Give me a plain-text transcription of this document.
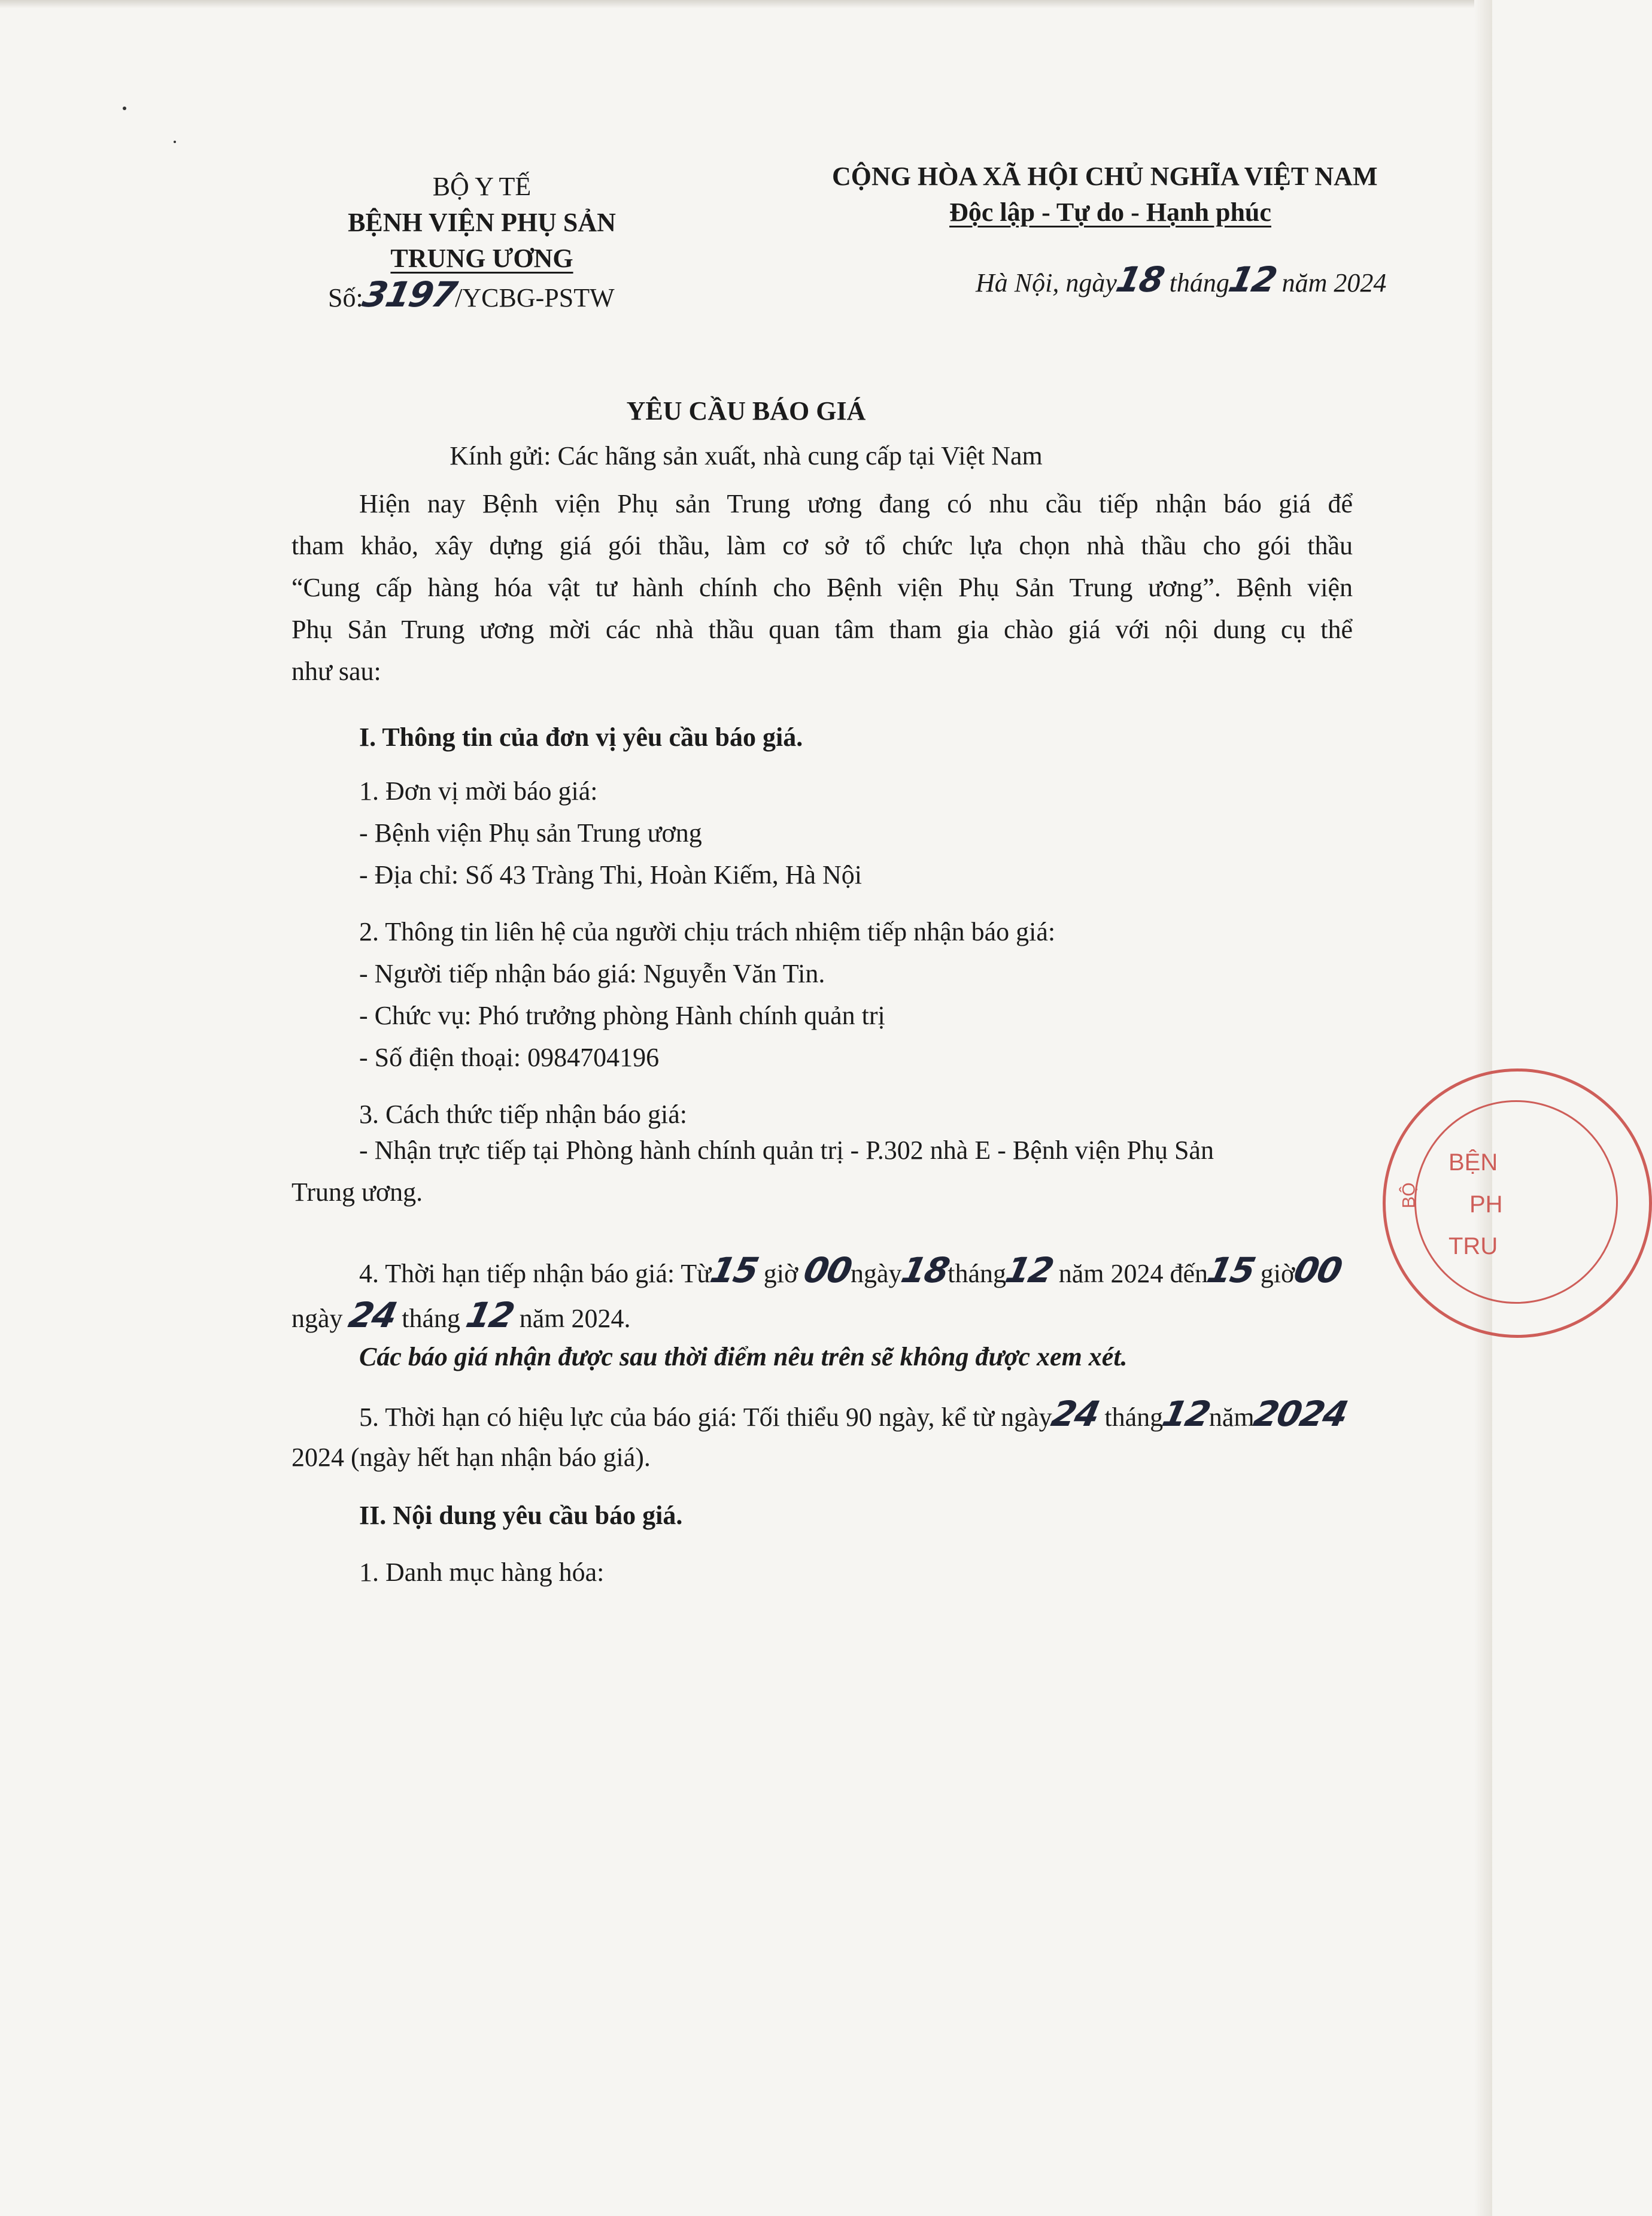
BỘ Y TẾ
BỆNH VIỆN PHỤ SẢN
TRUNG ƯƠNG
Số:3197/YCBG-PSTW
CỘNG HÒA XÃ HỘI CHỦ NGHĨA VIỆT NAM
Độc lập - Tự do - Hạnh phúc
Hà Nội, ngày18 tháng12 năm 2024
YÊU CẦU BÁO GIÁ
Kính gửi: Các hãng sản xuất, nhà cung cấp tại Việt Nam
Hiện nay Bệnh viện Phụ sản Trung ương đang có nhu cầu tiếp nhận báo giá để
tham khảo, xây dựng giá gói thầu, làm cơ sở tổ chức lựa chọn nhà thầu cho gói thầu
“Cung cấp hàng hóa vật tư hành chính cho Bệnh viện Phụ Sản Trung ương”. Bệnh viện
Phụ Sản Trung ương mời các nhà thầu quan tâm tham gia chào giá với nội dung cụ thể
như sau:
I. Thông tin của đơn vị yêu cầu báo giá.
1. Đơn vị mời báo giá:
- Bệnh viện Phụ sản Trung ương
- Địa chỉ: Số 43 Tràng Thi, Hoàn Kiếm, Hà Nội
2. Thông tin liên hệ của người chịu trách nhiệm tiếp nhận báo giá:
- Người tiếp nhận báo giá: Nguyễn Văn Tin.
- Chức vụ: Phó trưởng phòng Hành chính quản trị
- Số điện thoại: 0984704196
3. Cách thức tiếp nhận báo giá:
- Nhận trực tiếp tại Phòng hành chính quản trị - P.302 nhà E - Bệnh viện Phụ Sản
Trung ương.
4. Thời hạn tiếp nhận báo giá: Từ15 giờ 00ngày18tháng12 năm 2024 đến15 giờ00
ngày 24 tháng 12 năm 2024.
Các báo giá nhận được sau thời điểm nêu trên sẽ không được xem xét.
5. Thời hạn có hiệu lực của báo giá: Tối thiểu 90 ngày, kể từ ngày24 tháng12năm2024
2024 (ngày hết hạn nhận báo giá).
II. Nội dung yêu cầu báo giá.
1. Danh mục hàng hóa:
BỆN
PH
TRU
BỘ
